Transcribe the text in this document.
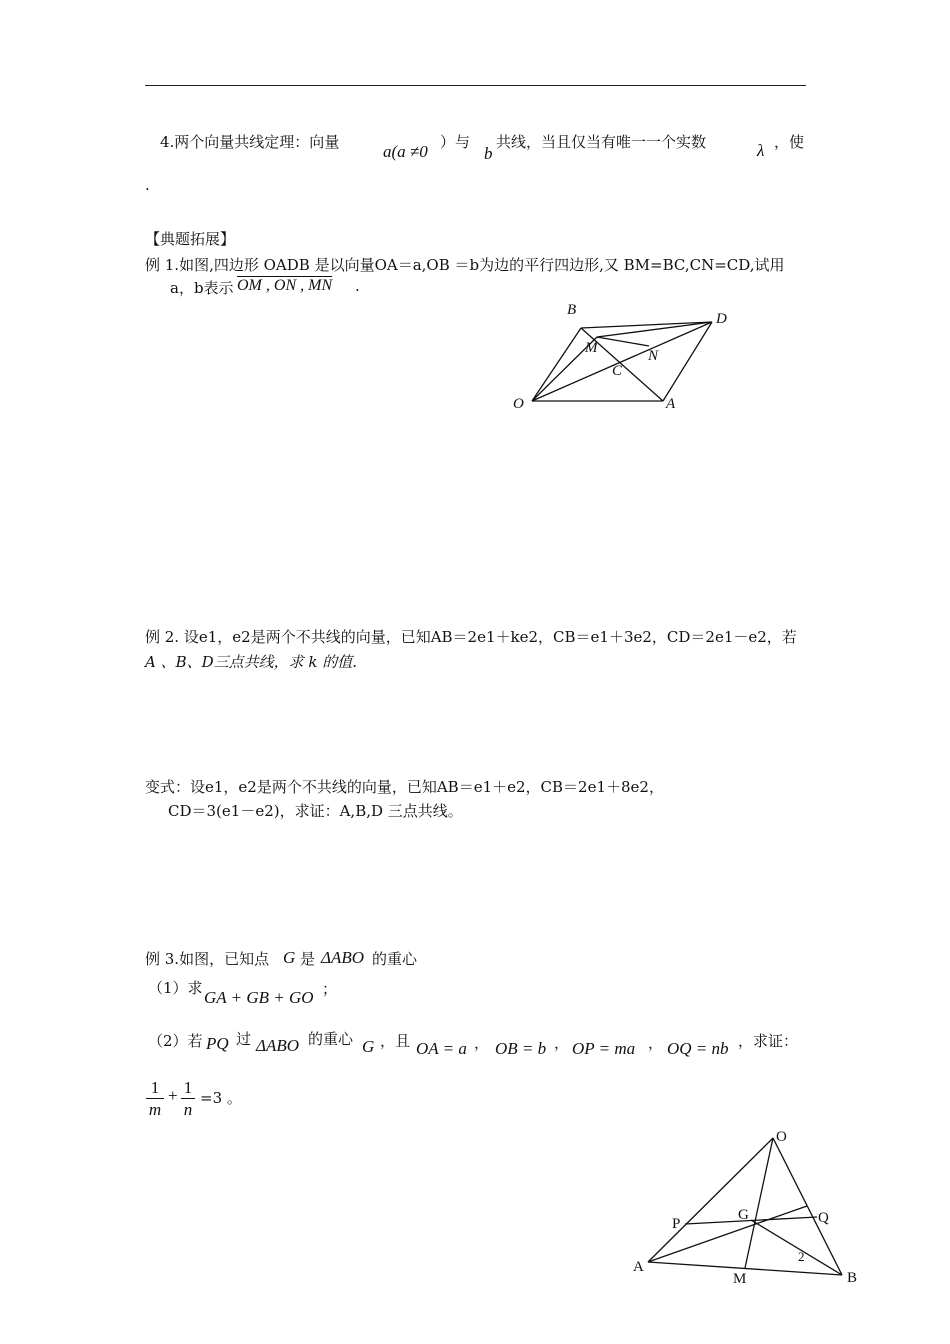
4.两个向量共线定理：向量	a(a ≠0 ）与
b
共线，当且仅当有唯一一个实数	λ ，使
.
【典题拓展】
例 1.如图,四边形 OADB 是以向量OA＝a,OB ＝b为边的平行四边形,又 BM=BC,CN=CD,试用
a，b表示 OM , ON , MN .
B
D
M	N
C
O	A
例 2. 设e1，e2是两个不共线的向量，已知AB＝2e1＋ke2，CB＝e1＋3e2，CD＝2e1－e2，若
A 、B、D三点共线，求 k 的值.
变式：设e1，e2是两个不共线的向量，已知AB＝e1＋e2，CB＝2e1＋8e2，
CD＝3(e1－e2)，求证：A,B,D 三点共线。
例 3.如图，已知点 G 是 ΔABO 的重心
（1）求 GA + GB + GO ；
（2）若 PQ 过 ΔABO 的重心 G ，且 OA = a ， OB = b ， OP = ma ， OQ = nb ，求证：
$\frac{1}{m} + \frac{1}{n} =3$ 。
O
P
G	Q
A
M	B
2
